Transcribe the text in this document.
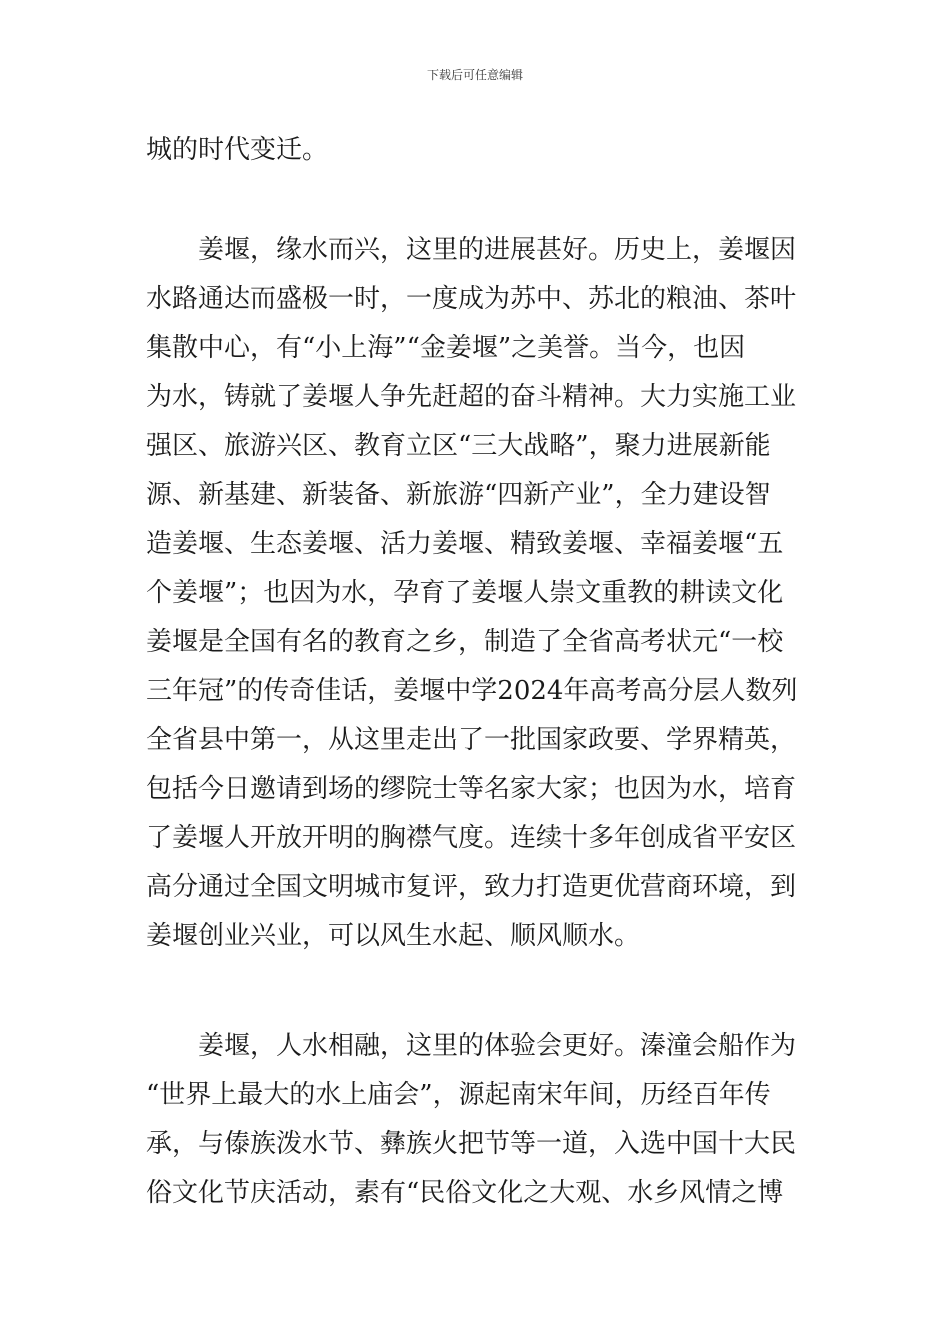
下载后可任意编辑
城的时代变迁。
姜堰，缘水而兴，这里的进展甚好。历史上，姜堰因
水路通达而盛极一时，一度成为苏中、苏北的粮油、茶叶
集散中心，有“小上海”“金姜堰”之美誉。当今，也因
为水，铸就了姜堰人争先赶超的奋斗精神。大力实施工业
强区、旅游兴区、教育立区“三大战略”，聚力进展新能
源、新基建、新装备、新旅游“四新产业”，全力建设智
造姜堰、生态姜堰、活力姜堰、精致姜堰、幸福姜堰“五
个姜堰”；也因为水，孕育了姜堰人崇文重教的耕读文化
姜堰是全国有名的教育之乡，制造了全省高考状元“一校
三年冠”的传奇佳话，姜堰中学2024年高考高分层人数列
全省县中第一，从这里走出了一批国家政要、学界精英，
包括今日邀请到场的缪院士等名家大家；也因为水，培育
了姜堰人开放开明的胸襟气度。连续十多年创成省平安区
高分通过全国文明城市复评，致力打造更优营商环境，到
姜堰创业兴业，可以风生水起、顺风顺水。
姜堰，人水相融，这里的体验会更好。溱潼会船作为
“世界上最大的水上庙会”，源起南宋年间，历经百年传
承，与傣族泼水节、彝族火把节等一道，入选中国十大民
俗文化节庆活动，素有“民俗文化之大观、水乡风情之博
